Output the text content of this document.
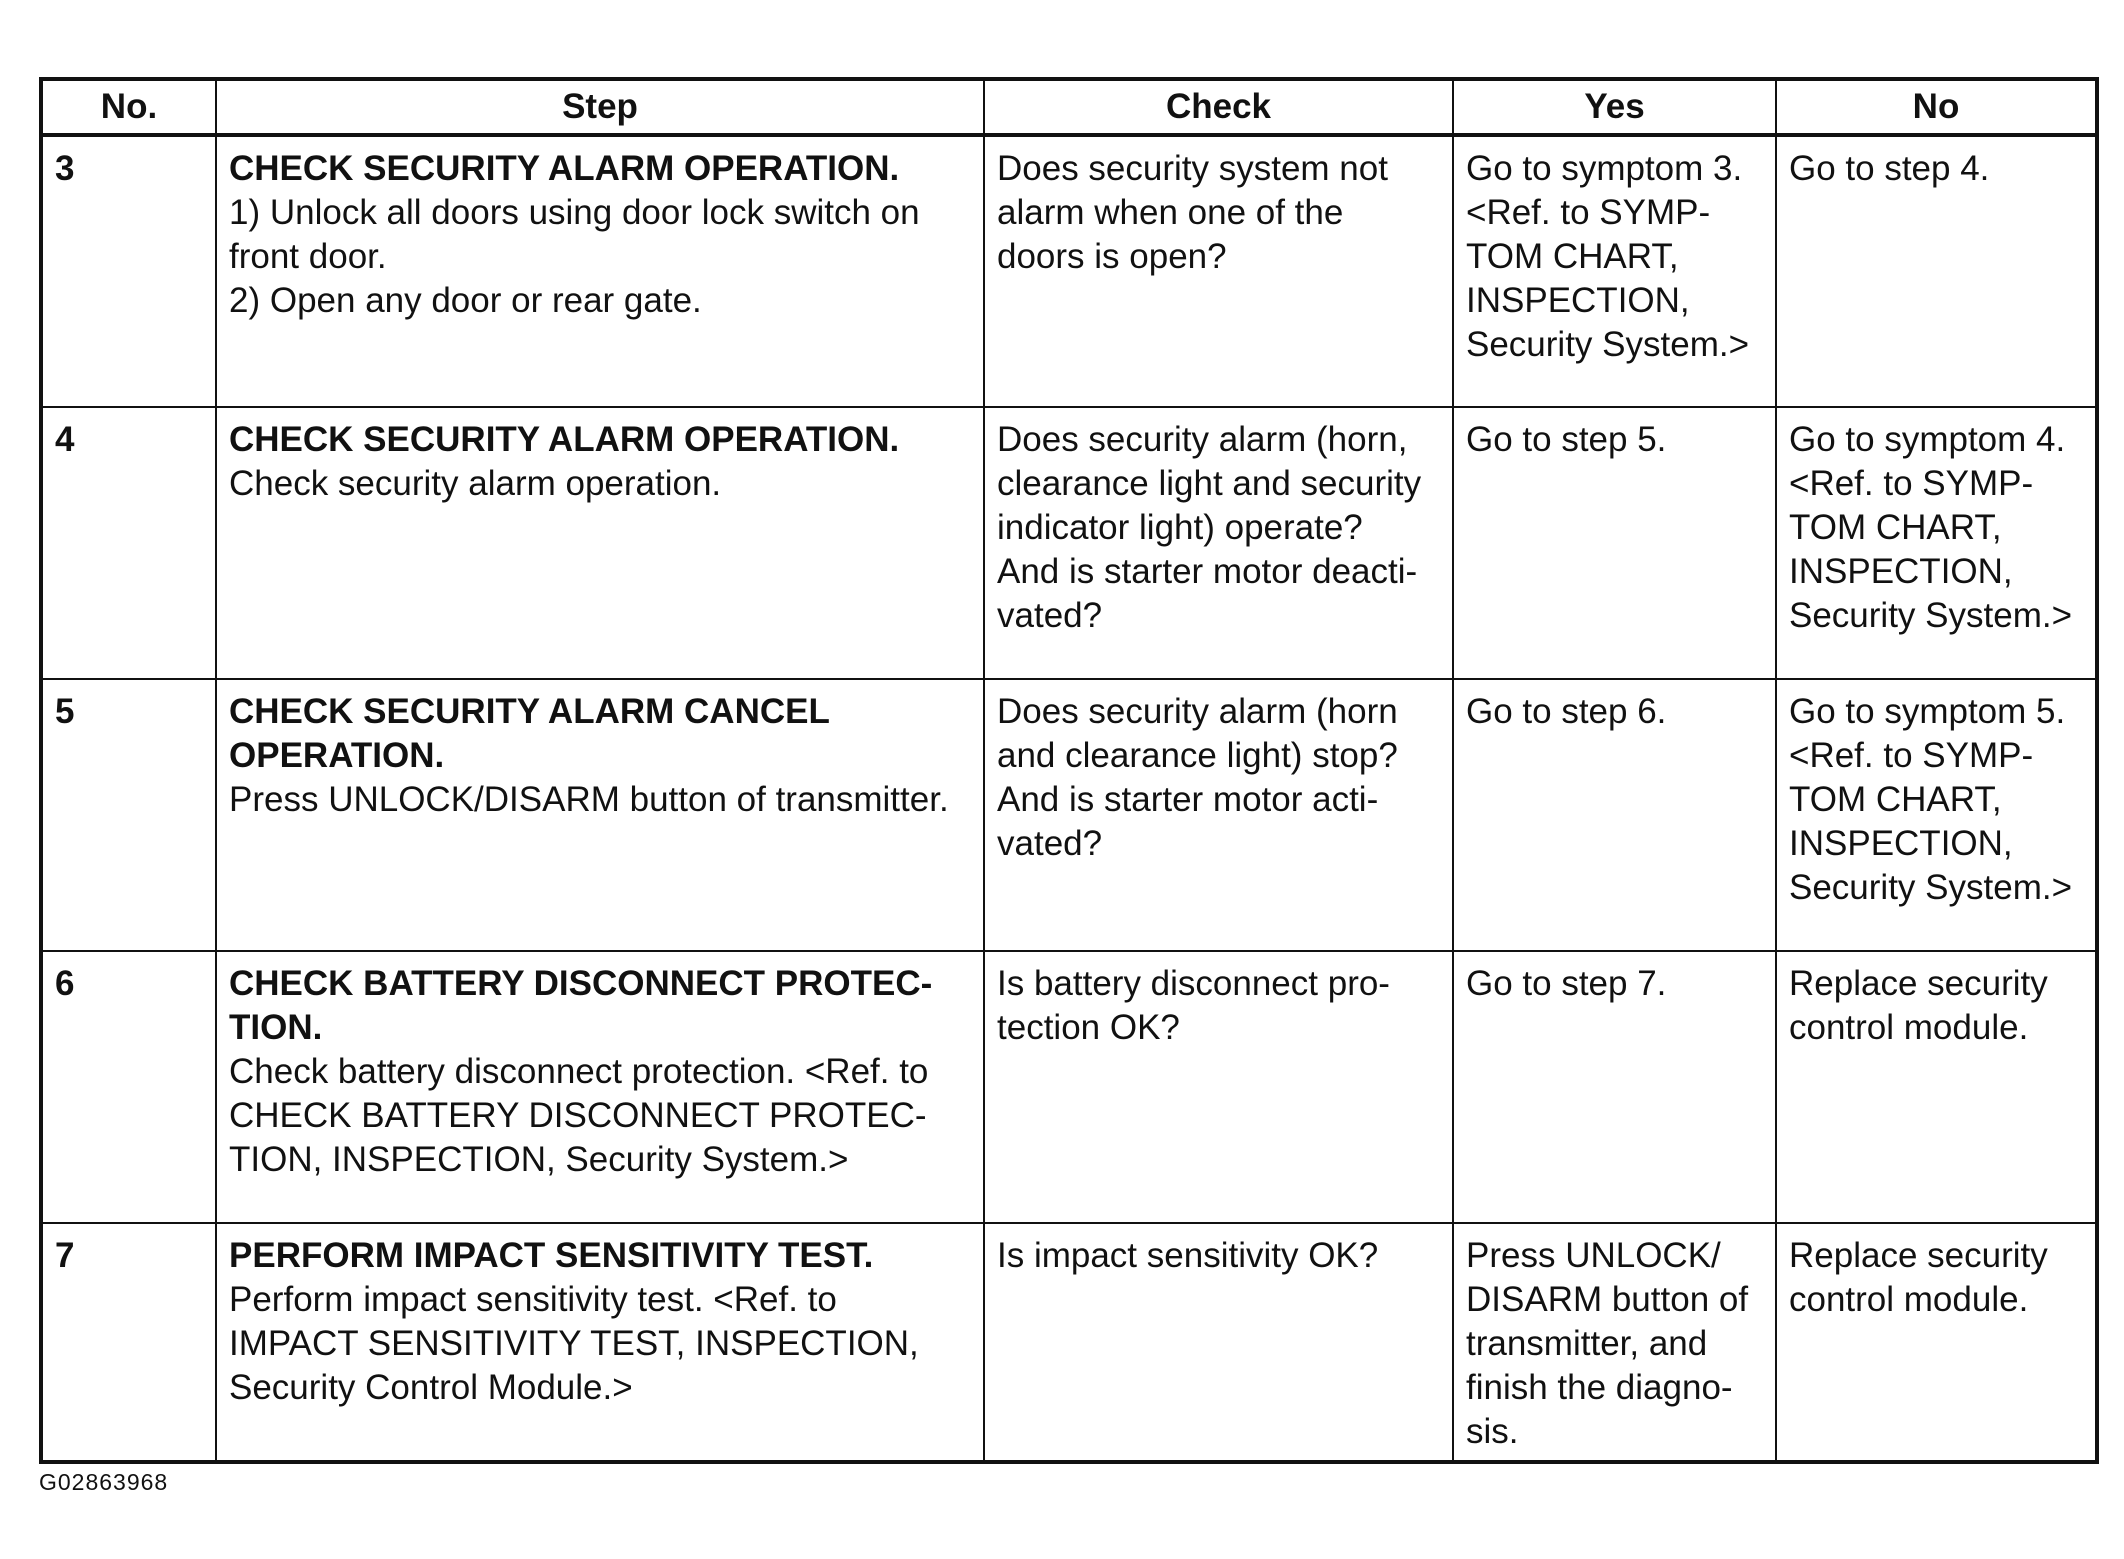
No.	Step	Check	Yes	No
3	CHECK SECURITY ALARM OPERATION.
1) Unlock all doors using door lock switch on
front door.
2) Open any door or rear gate.	Does security system not
alarm when one of the
doors is open?	Go to symptom 3.
<Ref. to SYMP-
TOM CHART,
INSPECTION,
Security System.>	Go to step 4.

4	CHECK SECURITY ALARM OPERATION.
Check security alarm operation.	Does security alarm (horn,
clearance light and security
indicator light) operate?
And is starter motor deacti-
vated?	Go to step 5.	Go to symptom 4.
<Ref. to SYMP-
TOM CHART,
INSPECTION,
Security System.>

5	CHECK SECURITY ALARM CANCEL
OPERATION.
Press UNLOCK/DISARM button of transmitter.	Does security alarm (horn
and clearance light) stop?
And is starter motor acti-
vated?	Go to step 6.	Go to symptom 5.
<Ref. to SYMP-
TOM CHART,
INSPECTION,
Security System.>

6	CHECK BATTERY DISCONNECT PROTEC-
TION.
Check battery disconnect protection. <Ref. to
CHECK BATTERY DISCONNECT PROTEC-
TION, INSPECTION, Security System.>	Is battery disconnect pro-
tection OK?	Go to step 7.	Replace security
control module.

7	PERFORM IMPACT SENSITIVITY TEST.
Perform impact sensitivity test. <Ref. to
IMPACT SENSITIVITY TEST, INSPECTION,
Security Control Module.>	Is impact sensitivity OK?	Press UNLOCK/
DISARM button of
transmitter, and
finish the diagno-
sis.	Replace security
control module.
G02863968
